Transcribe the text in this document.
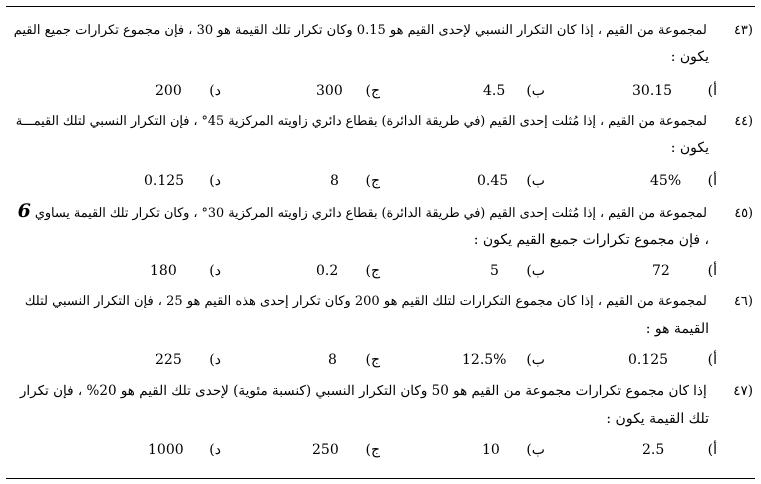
(٤٣ لمجموعة من القيم ، إذا كان التكرار النسبي لإحدى القيم هو 0.15 وكان تكرار تلك القيمة هو 30 ، فإن مجموع تكرارات جميع القيم
يكون :
أ)
30.15
ب)
4.5
ج)
300
د)
200
(٤٤ لمجموعة من القيم ، إذا مُثلت إحدى القيم (في طريقة الدائرة) بقطاع دائري زاويته المركزية 45° ، فإن التكرار النسبي لتلك القيمـــة
يكون :
أ)
45%
ب)
0.45
ج)
8
د)
0.125
(٤٥ لمجموعة من القيم ، إذا مُثلت إحدى القيم (في طريقة الدائرة) بقطاع دائري زاويته المركزية 30° ، وكان تكرار تلك القيمة يساوي 6
، فإن مجموع تكرارات جميع القيم يكون :
أ)
72
ب)
5
ج)
0.2
د)
180
(٤٦ لمجموعة من القيم ، إذا كان مجموع التكرارات لتلك القيم هو 200 وكان تكرار إحدى هذه القيم هو 25 ، فإن التكرار النسبي لتلك
القيمة هو :
أ)
0.125
ب)
12.5%
ج)
8
د)
225
(٤٧ إذا كان مجموع تكرارات مجموعة من القيم هو 50 وكان التكرار النسبي (كنسبة مئوية) لإحدى تلك القيم هو 20% ، فإن تكرار
تلك القيمة يكون :
أ)
2.5
ب)
10
ج)
250
د)
1000
